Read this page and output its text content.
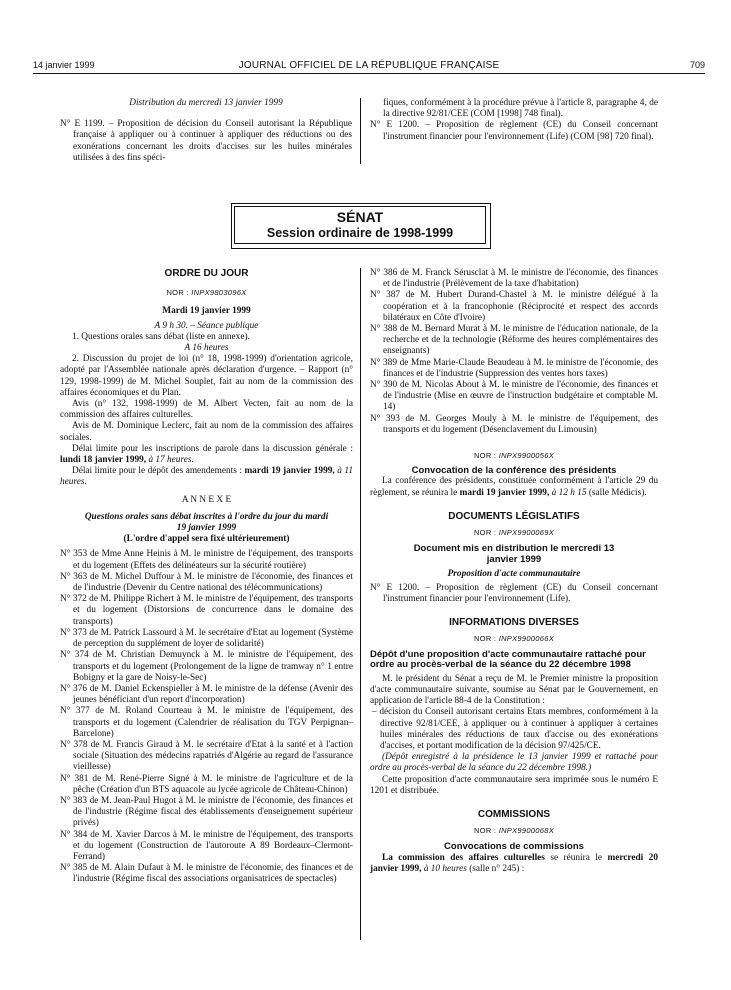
14 janvier 1999	JOURNAL OFFICIEL DE LA RÉPUBLIQUE FRANÇAISE	709

Distribution du mercredi 13 janvier 1999

N° E 1199. – Proposition de décision du Conseil autorisant la République française à appliquer ou à continuer à appliquer des réductions ou des exonérations concernant les droits d'accises sur les huiles minérales utilisées à des fins spéci-

fiques, conformément à la procédure prévue à l'article 8, paragraphe 4, de la directive 92/81/CEE (COM [1998] 748 final).

N° E 1200. – Proposition de règlement (CE) du Conseil concernant l'instrument financier pour l'environnement (Life) (COM [98] 720 final).

SÉNAT
Session ordinaire de 1998-1999

ORDRE DU JOUR

NOR : INPX9803096X

Mardi 19 janvier 1999

A 9 h 30. – Séance publique

1. Questions orales sans débat (liste en annexe).

A 16 heures

2. Discussion du projet de loi (n° 18, 1998-1999) d'orientation agricole, adopté par l'Assemblée nationale après déclaration d'urgence. – Rapport (n° 129, 1998-1999) de M. Michel Souplet, fait au nom de la commission des affaires économiques et du Plan.

Avis (n° 132, 1998-1999) de M. Albert Vecten, fait au nom de la commission des affaires culturelles.

Avis de M. Dominique Leclerc, fait au nom de la commission des affaires sociales.

Délai limite pour les inscriptions de parole dans la discussion générale : lundi 18 janvier 1999, à 17 heures.

Délai limite pour le dépôt des amendements : mardi 19 janvier 1999, à 11 heures.

A N N E X E

Questions orales sans débat inscrites à l'ordre du jour du mardi 19 janvier 1999

(L'ordre d'appel sera fixé ultérieurement)

N° 353 de Mme Anne Heinis à M. le ministre de l'équipement, des transports et du logement (Effets des délinéateurs sur la sécurité routière)

N° 363 de M. Michel Duffour à M. le ministre de l'économie, des finances et de l'industrie (Devenir du Centre national des télécommunications)

N° 372 de M. Philippe Richert à M. le ministre de l'équipement, des transports et du logement (Distorsions de concurrence dans le domaine des transports)

N° 373 de M. Patrick Lassourd à M. le secrétaire d'Etat au logement (Système de perception du supplément de loyer de solidarité)

N° 374 de M. Christian Demuynck à M. le ministre de l'équipement, des transports et du logement (Prolongement de la ligne de tramway n° 1 entre Bobigny et la gare de Noisy-le-Sec)

N° 376 de M. Daniel Eckenspieller à M. le ministre de la défense (Avenir des jeunes bénéficiant d'un report d'incorporation)

N° 377 de M. Roland Courteau à M. le ministre de l'équipement, des transports et du logement (Calendrier de réalisation du TGV Perpignan–Barcelone)

N° 378 de M. Francis Giraud à M. le secrétaire d'Etat à la santé et à l'action sociale (Situation des médecins rapatriés d'Algérie au regard de l'assurance vieillesse)

N° 381 de M. René-Pierre Signé à M. le ministre de l'agriculture et de la pêche (Création d'un BTS aquacole au lycée agricole de Château-Chinon)

N° 383 de M. Jean-Paul Hugot à M. le ministre de l'économie, des finances et de l'industrie (Régime fiscal des établissements d'enseignement supérieur privés)

N° 384 de M. Xavier Darcos à M. le ministre de l'équipement, des transports et du logement (Construction de l'autoroute A 89 Bordeaux–Clermont-Ferrand)

N° 385 de M. Alain Dufaut à M. le ministre de l'économie, des finances et de l'industrie (Régime fiscal des associations organisatrices de spectacles)

N° 386 de M. Franck Sérusclat à M. le ministre de l'économie, des finances et de l'industrie (Prélèvement de la taxe d'habitation)

N° 387 de M. Hubert Durand-Chastel à M. le ministre délégué à la coopération et à la francophonie (Réciprocité et respect des accords bilatéraux en Côte d'Ivoire)

N° 388 de M. Bernard Murat à M. le ministre de l'éducation nationale, de la recherche et de la technologie (Réforme des heures complémentaires des enseignants)

N° 389 de Mme Marie-Claude Beaudeau à M. le ministre de l'économie, des finances et de l'industrie (Suppression des ventes hors taxes)

N° 390 de M. Nicolas About à M. le ministre de l'économie, des finances et de l'industrie (Mise en œuvre de l'instruction budgétaire et comptable M. 14)

N° 393 de M. Georges Mouly à M. le ministre de l'équipement, des transports et du logement (Désenclavement du Limousin)

NOR : INPX9900056X

Convocation de la conférence des présidents

La conférence des présidents, constituée conformément à l'article 29 du règlement, se réunira le mardi 19 janvier 1999, à 12 h 15 (salle Médicis).

DOCUMENTS LÉGISLATIFS

NOR : INPX9900069X

Document mis en distribution le mercredi 13 janvier 1999

Proposition d'acte communautaire

N° E 1200. – Proposition de règlement (CE) du Conseil concernant l'instrument financier pour l'environnement (Life).

INFORMATIONS DIVERSES

NOR : INPX9900066X

Dépôt d'une proposition d'acte communautaire rattaché pour ordre au procès-verbal de la séance du 22 décembre 1998

M. le président du Sénat a reçu de M. le Premier ministre la proposition d'acte communautaire suivante, soumise au Sénat par le Gouvernement, en application de l'article 88-4 de la Constitution :

– décision du Conseil autorisant certains Etats membres, conformément à la directive 92/81/CEE, à appliquer ou à continuer à appliquer à certaines huiles minérales des réductions de taux d'accise ou des exonérations d'accises, et portant modification de la décision 97/425/CE.

(Dépôt enregistré à la présidence le 13 janvier 1999 et rattaché pour ordre au procès-verbal de la séance du 22 décembre 1998.)

Cette proposition d'acte communautaire sera imprimée sous le numéro E 1201 et distribuée.

COMMISSIONS

NOR : INPX9900068X

Convocations de commissions

La commission des affaires culturelles se réunira le mercredi 20 janvier 1999, à 10 heures (salle n° 245) :
